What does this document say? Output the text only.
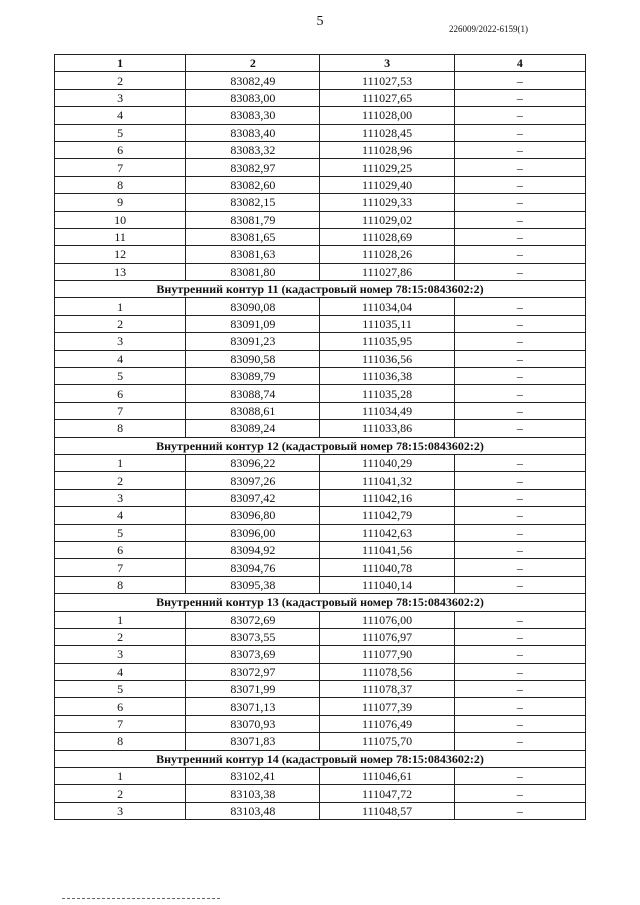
5	226009/2022-6159(1)
1	2	3	4
2	83082,49	111027,53	–
3	83083,00	111027,65	–
4	83083,30	111028,00	–
5	83083,40	111028,45	–
6	83083,32	111028,96	–
7	83082,97	111029,25	–
8	83082,60	111029,40	–
9	83082,15	111029,33	–
10	83081,79	111029,02	–
11	83081,65	111028,69	–
12	83081,63	111028,26	–
13	83081,80	111027,86	–
Внутренний контур 11 (кадастровый номер 78:15:0843602:2)			
1	83090,08	111034,04	–
2	83091,09	111035,11	–
3	83091,23	111035,95	–
4	83090,58	111036,56	–
5	83089,79	111036,38	–
6	83088,74	111035,28	–
7	83088,61	111034,49	–
8	83089,24	111033,86	–
Внутренний контур 12 (кадастровый номер 78:15:0843602:2)			
1	83096,22	111040,29	–
2	83097,26	111041,32	–
3	83097,42	111042,16	–
4	83096,80	111042,79	–
5	83096,00	111042,63	–
6	83094,92	111041,56	–
7	83094,76	111040,78	–
8	83095,38	111040,14	–
Внутренний контур 13 (кадастровый номер 78:15:0843602:2)			
1	83072,69	111076,00	–
2	83073,55	111076,97	–
3	83073,69	111077,90	–
4	83072,97	111078,56	–
5	83071,99	111078,37	–
6	83071,13	111077,39	–
7	83070,93	111076,49	–
8	83071,83	111075,70	–
Внутренний контур 14 (кадастровый номер 78:15:0843602:2)			
1	83102,41	111046,61	–
2	83103,38	111047,72	–
3	83103,48	111048,57	–
